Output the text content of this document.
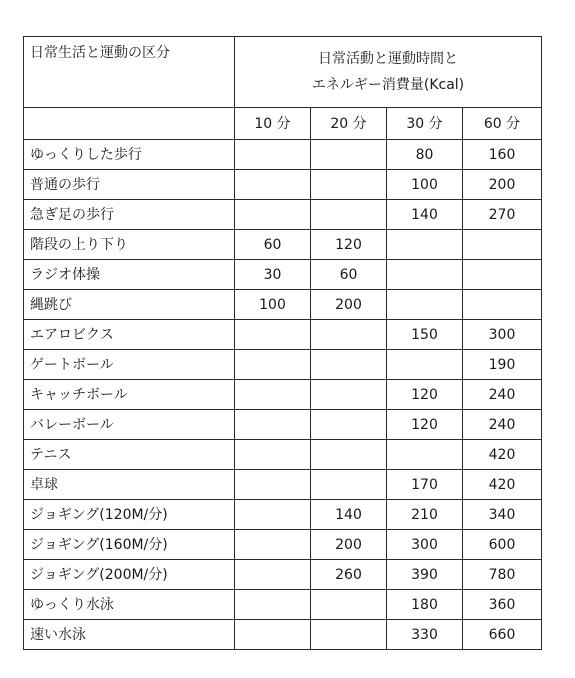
日常生活と運動の区分	日常活動と運動時間と
エネルギー消費量(Kcal)			

	10 分	20 分	30 分	60 分
ゆっくりした歩行			80	160
普通の歩行			100	200
急ぎ足の歩行			140	270
階段の上り下り	60	120		
ラジオ体操	30	60		
縄跳び	100	200		
エアロビクス			150	300
ゲートボール				190
キャッチボール			120	240
バレーボール			120	240
テニス				420
卓球			170	420
ジョギング(120M/分)		140	210	340
ジョギング(160M/分)		200	300	600
ジョギング(200M/分)		260	390	780
ゆっくり水泳			180	360
速い水泳			330	660
